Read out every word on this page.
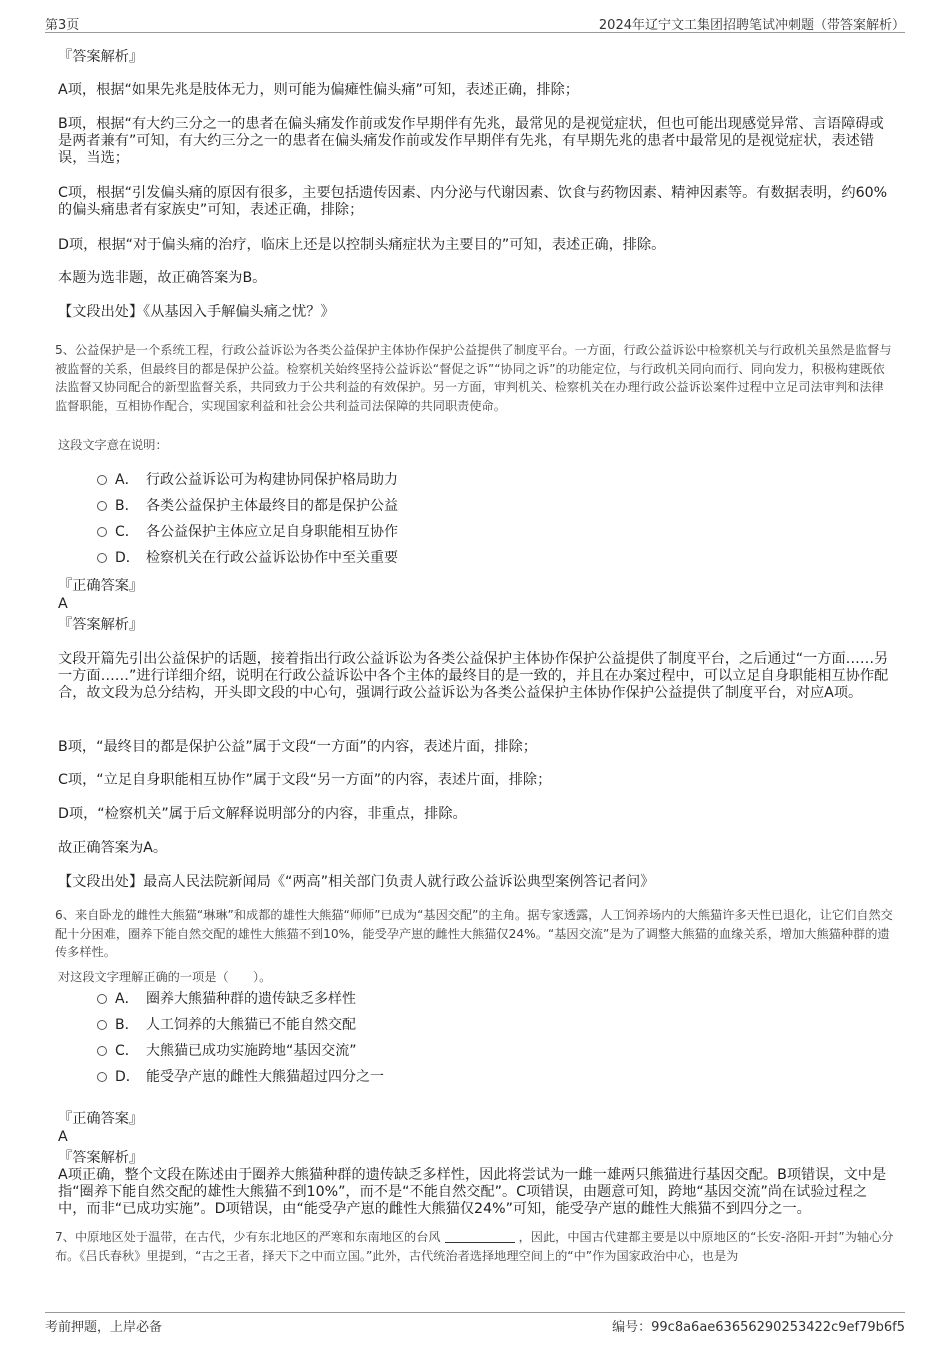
第3页	2024年辽宁文工集团招聘笔试冲刺题（带答案解析）

『答案解析』

A项，根据“如果先兆是肢体无力，则可能为偏瘫性偏头痛”可知，表述正确，排除；

B项，根据“有大约三分之一的患者在偏头痛发作前或发作早期伴有先兆，最常见的是视觉症状，但也可能出现感觉异常、言语障碍或是两者兼有”可知，有大约三分之一的患者在偏头痛发作前或发作早期伴有先兆，有早期先兆的患者中最常见的是视觉症状，表述错误，当选；

C项，根据“引发偏头痛的原因有很多，主要包括遗传因素、内分泌与代谢因素、饮食与药物因素、精神因素等。有数据表明，约60%的偏头痛患者有家族史”可知，表述正确，排除；

D项，根据“对于偏头痛的治疗，临床上还是以控制头痛症状为主要目的”可知，表述正确，排除。

本题为选非题，故正确答案为B。

【文段出处】《从基因入手解偏头痛之忧？》

5、公益保护是一个系统工程，行政公益诉讼为各类公益保护主体协作保护公益提供了制度平台。一方面，行政公益诉讼中检察机关与行政机关虽然是监督与被监督的关系，但最终目的都是保护公益。检察机关始终坚持公益诉讼“督促之诉”“协同之诉”的功能定位，与行政机关同向而行、同向发力，积极构建既依法监督又协同配合的新型监督关系，共同致力于公共利益的有效保护。另一方面，审判机关、检察机关在办理行政公益诉讼案件过程中立足司法审判和法律监督职能，互相协作配合，实现国家利益和社会公共利益司法保障的共同职责使命。

这段文字意在说明：

A． 行政公益诉讼可为构建协同保护格局助力
B． 各类公益保护主体最终目的都是保护公益
C． 各公益保护主体应立足自身职能相互协作
D． 检察机关在行政公益诉讼协作中至关重要

『正确答案』

A

『答案解析』

文段开篇先引出公益保护的话题，接着指出行政公益诉讼为各类公益保护主体协作保护公益提供了制度平台，之后通过“一方面……另一方面……”进行详细介绍，说明在行政公益诉讼中各个主体的最终目的是一致的，并且在办案过程中，可以立足自身职能相互协作配合，故文段为总分结构，开头即文段的中心句，强调行政公益诉讼为各类公益保护主体协作保护公益提供了制度平台，对应A项。

B项，“最终目的都是保护公益”属于文段“一方面”的内容，表述片面，排除；

C项，“立足自身职能相互协作”属于文段“另一方面”的内容，表述片面，排除；

D项，“检察机关”属于后文解释说明部分的内容，非重点，排除。

故正确答案为A。

【文段出处】最高人民法院新闻局《“两高”相关部门负责人就行政公益诉讼典型案例答记者问》

6、来自卧龙的雌性大熊猫“琳琳”和成都的雄性大熊猫“师师”已成为“基因交配”的主角。据专家透露，人工饲养场内的大熊猫许多天性已退化，让它们自然交配十分困难，圈养下能自然交配的雄性大熊猫不到10%，能受孕产崽的雌性大熊猫仅24%。“基因交流”是为了调整大熊猫的血缘关系，增加大熊猫种群的遗传多样性。

对这段文字理解正确的一项是（　　）。

A． 圈养大熊猫种群的遗传缺乏多样性
B． 人工饲养的大熊猫已不能自然交配
C． 大熊猫已成功实施跨地“基因交流”
D． 能受孕产崽的雌性大熊猫超过四分之一

『正确答案』

A

『答案解析』

A项正确，整个文段在陈述由于圈养大熊猫种群的遗传缺乏多样性，因此将尝试为一雌一雄两只熊猫进行基因交配。B项错误，文中是指“圈养下能自然交配的雄性大熊猫不到10%”，而不是“不能自然交配”。C项错误，由题意可知，跨地“基因交流”尚在试验过程之中，而非“已成功实施”。D项错误，由“能受孕产崽的雌性大熊猫仅24%”可知，能受孕产崽的雌性大熊猫不到四分之一。

7、中原地区处于温带，在古代，少有东北地区的严寒和东南地区的台风	，因此，中国古代建都主要是以中原地区的“长安-洛阳-开封”为轴心分布。《吕氏春秋》里提到，“古之王者，择天下之中而立国。”此外，古代统治者选择地理空间上的“中”作为国家政治中心，也是为

考前押题，上岸必备	编号：99c8a6ae63656290253422c9ef79b6f5
